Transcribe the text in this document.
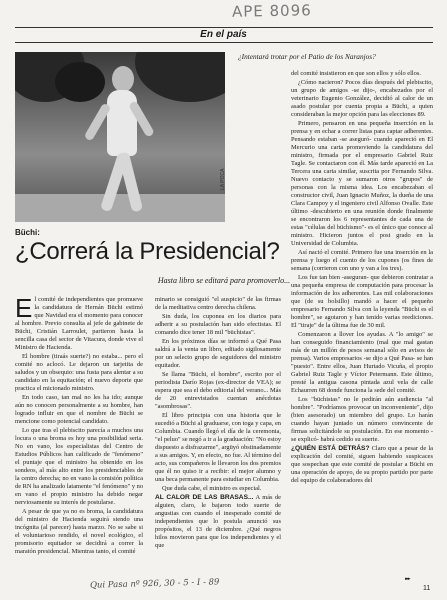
APE 8096
En el país
LA POCA
¿Intentará trotar por el Patio de los Naranjos?
Büchi:
¿Correrá la Presidencial?
Hasta libro se editará para promoverlo...

El comité de independientes que promueve la candidatura de Hernán Büchi estimó que Navidad era el momento para conocer al hombre. Previo consulta al jefe de gabinete de Büchi, Cristián Larroulet, partieron hasta la sencilla casa del sector de Vitacura, donde vive el Ministro de Hacienda.

El hombre (tiraás suerte?) no estaba... pero el comité no aclocó. Le dejaron un tarjetita de saludos y un obsequio: una fusta para alentar a su candidato en la equitación; el nuevo deporte que practica el micionado ministro.

En todo caso, tan mal no les ha ido; aunque aún no conocen personalmente a su hombre, han logrado influir en que el nombre de Büchi se mencione como potencial candidato.

Lo que tras el plebiscito parecía a muchos una locura o una broma es hoy una posibilidad seria. No en vano, los especialistas del Centro de Estudios Públicos han calificado de "fenómeno" el puntaje que el ministro ha obtenido en los sondeos, al más alto entre los presidenciables de la centro derecha; no en vano la comisión política de RN ha analizado latamente "el fenómeno" y no en vano el propio ministro ha debido negar nerviosamente su interés de postularse.

A pesar de que ya no es broma, la candidatura del ministro de Hacienda seguirá siendo una incógnita (al parecer) hasta marzo. No se sabe si el voluntarioso rendido, el novel ecológico, el promisorio equitador se decidirá a correr la maratón presidencial. Mientras tanto, el comité

minario se consiguió "el auspicio" de las firmas de la meditativa centro derecha chilena.

Sin duda, los cuponea en los diarios para adherir a su postulación han sido efectistas. El comando dice tener 18 mil "büchistas".

En los próximos días se informó a Qué Pasa saldrá a la venta un libro, editado sigilosamente por un selecto grupo de seguidores del ministro equitador.

Se llama "Büchi, el hombre", escrito por el periodista Darío Rojas (ex-director de VEA); se espera que sea el debo editorial del verano... Más de 20 entrevistados cuentan anécdotas "asombrosas".

El libro principia con una historia que le sucedió a Büchi al graduarse, con toga y capa, en Columbia. Cuando llegó el día de la ceremonia, "el peluo" se negó a ir a la graduación: "No estoy dispuesto a disfrazarme", argüyó obstinadamente a sus amigos. Y, en efecto, no fue. Al término del acto, sus compañeros le llevaron los dos premios que él no quiso ir a recibir: el mejor alumno y una beca permanente para estudiar en Columbia.

Que duda cabe, el ministro es especial.

AL CALOR DE LAS BRASAS... A más de alguien, claro, le bajaron todo suerte de angustias con cuando el inesperado comité de independientes que lo postula anunció sus propósitos, el 13 de diciembre. ¿Qué negros hilos movieron para que los independientes y el que

del comité insistieron en que son ellos y sólo ellos.

¿Cómo nacieron? Pocos días después del plebiscito, un grupo de amigos -se dijo-, encabezados por el veterinario Eugenio González, decidió al calor de un asado postular por cuenta propia a Büchi, a quien consideraban la mejor opción para las elecciones 89.

Primero, pensaron en una pequeña inserción en la prensa y en echar a correr listas para captar adherentes. Pensando estaban -se aseguró- cuando apareció en El Mercurio una carta promoviendo la candidatura del ministro, firmada por el empresario Gabriel Ruiz Tagle. Se contactaron con él. Más tarde apareció en La Tercera una carta similar, suscrita por Fernando Silva. Nuevo contacto y se sumaron otros "grupos" de personas con la misma idea. Los encabezaban el constructor civil, Juan Ignacio Muñoz, la dueña de una Clara Campoy y el ingeniero civil Alfonso Ovalle. Este último -descubierto en una reunión donde finalmente se encontraron los 6 representantes de cada una de estas "células del büchismo"- es el único que conoce al ministro. Hicieron juntos el post grado en la Universidad de Columbia.

Así nació el comité. Primero fue una inserción en la prensa y luego el cuento de los cupones (os fines de semana (corrieron con uno y van a los tres).

Los fue tan bien -aseguran- que debieron contratar a una pequeña empresa de computación para procesar la información de los adherentes. Las mil colaboraciones que (de su bolsillo) mandó a hacer el pequeño empresario Fernando Silva con la leyenda "Büchi es el hombre", se agotaron y han tenido varias reediciones. El "tiraje" de la última fue de 30 mil.

Comenzaron a llover los ayudas. A "lo amigo" se han conseguido financiamiento (mal que mal gastan más de un millón de pesos semanal sólo en avisos de prensa). Varios empresarios -se dijo a Qué Pasa- se han "puesto". Entre ellos, Juan Hurtado Vicuña, el propio Gabriel Ruiz Tagle y Víctor Petermann. Este último, presté la antigua casona pintada azul vela de calle Echaurren 68 donde funciona la sede del comité.

Los "büchistas" no le pedirán aún audiencia "al hombre". "Podríamos provocar un inconveniente", dijo (bien asesorado) un miembro del grupo. Lo harán cuando hayan juntado un número convincente de firmas solicitándole su postulación. En ese momento -se explicó- habrá cedido su suerte.

¿QUIÉN ESTÁ DETRÁS? Claro que a pesar de la explicación del comité, siguen habiendo suspicaces que sospechan que este comité de postular a Büchi en una operación de apoyo, de su propio partido por parte del equipo de colaboradores del

▸▸▸
11
Qui Pasa nº 926, 30 - 5 - I - 89
